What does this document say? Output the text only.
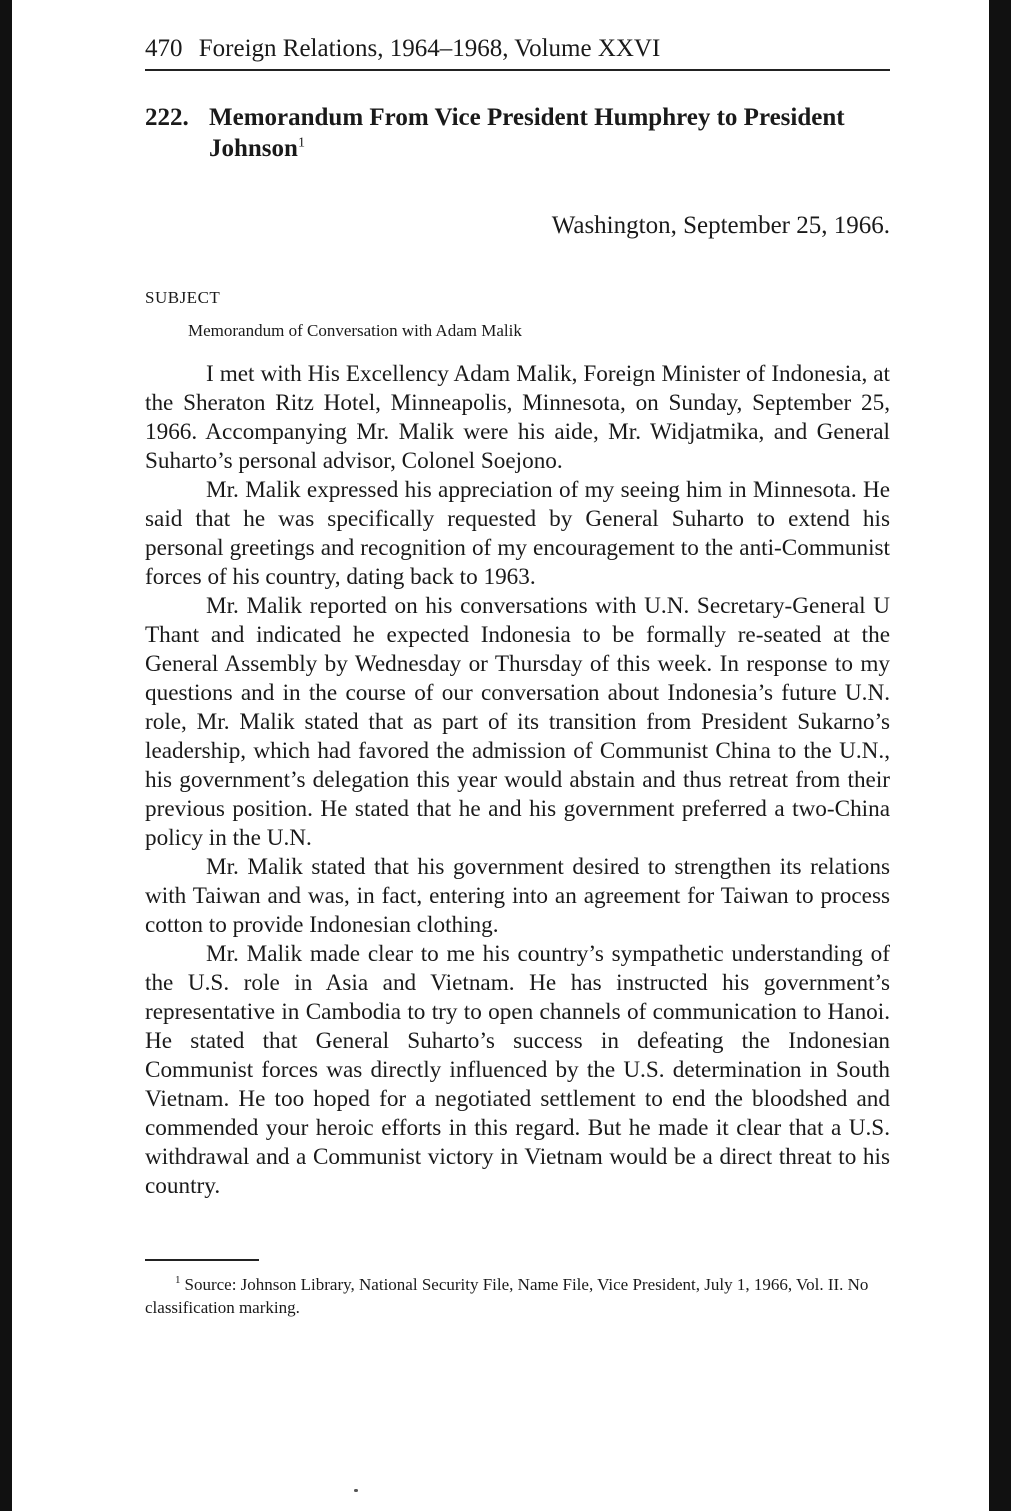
470 Foreign Relations, 1964–1968, Volume XXVI
222. Memorandum From Vice President Humphrey to President Johnson$^1$
Washington, September 25, 1966.
SUBJECT
Memorandum of Conversation with Adam Malik

I met with His Excellency Adam Malik, Foreign Minister of Indonesia, at the Sheraton Ritz Hotel, Minneapolis, Minnesota, on Sunday, September 25, 1966. Accompanying Mr. Malik were his aide, Mr. Widjatmika, and General Suharto’s personal advisor, Colonel Soejono.

Mr. Malik expressed his appreciation of my seeing him in Minnesota. He said that he was specifically requested by General Suharto to extend his personal greetings and recognition of my encouragement to the anti-Communist forces of his country, dating back to 1963.

Mr. Malik reported on his conversations with U.N. Secretary-General U Thant and indicated he expected Indonesia to be formally re-seated at the General Assembly by Wednesday or Thursday of this week. In response to my questions and in the course of our conversation about Indonesia’s future U.N. role, Mr. Malik stated that as part of its transition from President Sukarno’s leadership, which had favored the admission of Communist China to the U.N., his government’s delegation this year would abstain and thus retreat from their previous position. He stated that he and his government preferred a two-China policy in the U.N.

Mr. Malik stated that his government desired to strengthen its relations with Taiwan and was, in fact, entering into an agreement for Taiwan to process cotton to provide Indonesian clothing.

Mr. Malik made clear to me his country’s sympathetic understanding of the U.S. role in Asia and Vietnam. He has instructed his government’s representative in Cambodia to try to open channels of communication to Hanoi. He stated that General Suharto’s success in defeating the Indonesian Communist forces was directly influenced by the U.S. determination in South Vietnam. He too hoped for a negotiated settlement to end the bloodshed and commended your heroic efforts in this regard. But he made it clear that a U.S. withdrawal and a Communist victory in Vietnam would be a direct threat to his country.

$^1$ Source: Johnson Library, National Security File, Name File, Vice President, July 1, 1966, Vol. II. No classification marking.
